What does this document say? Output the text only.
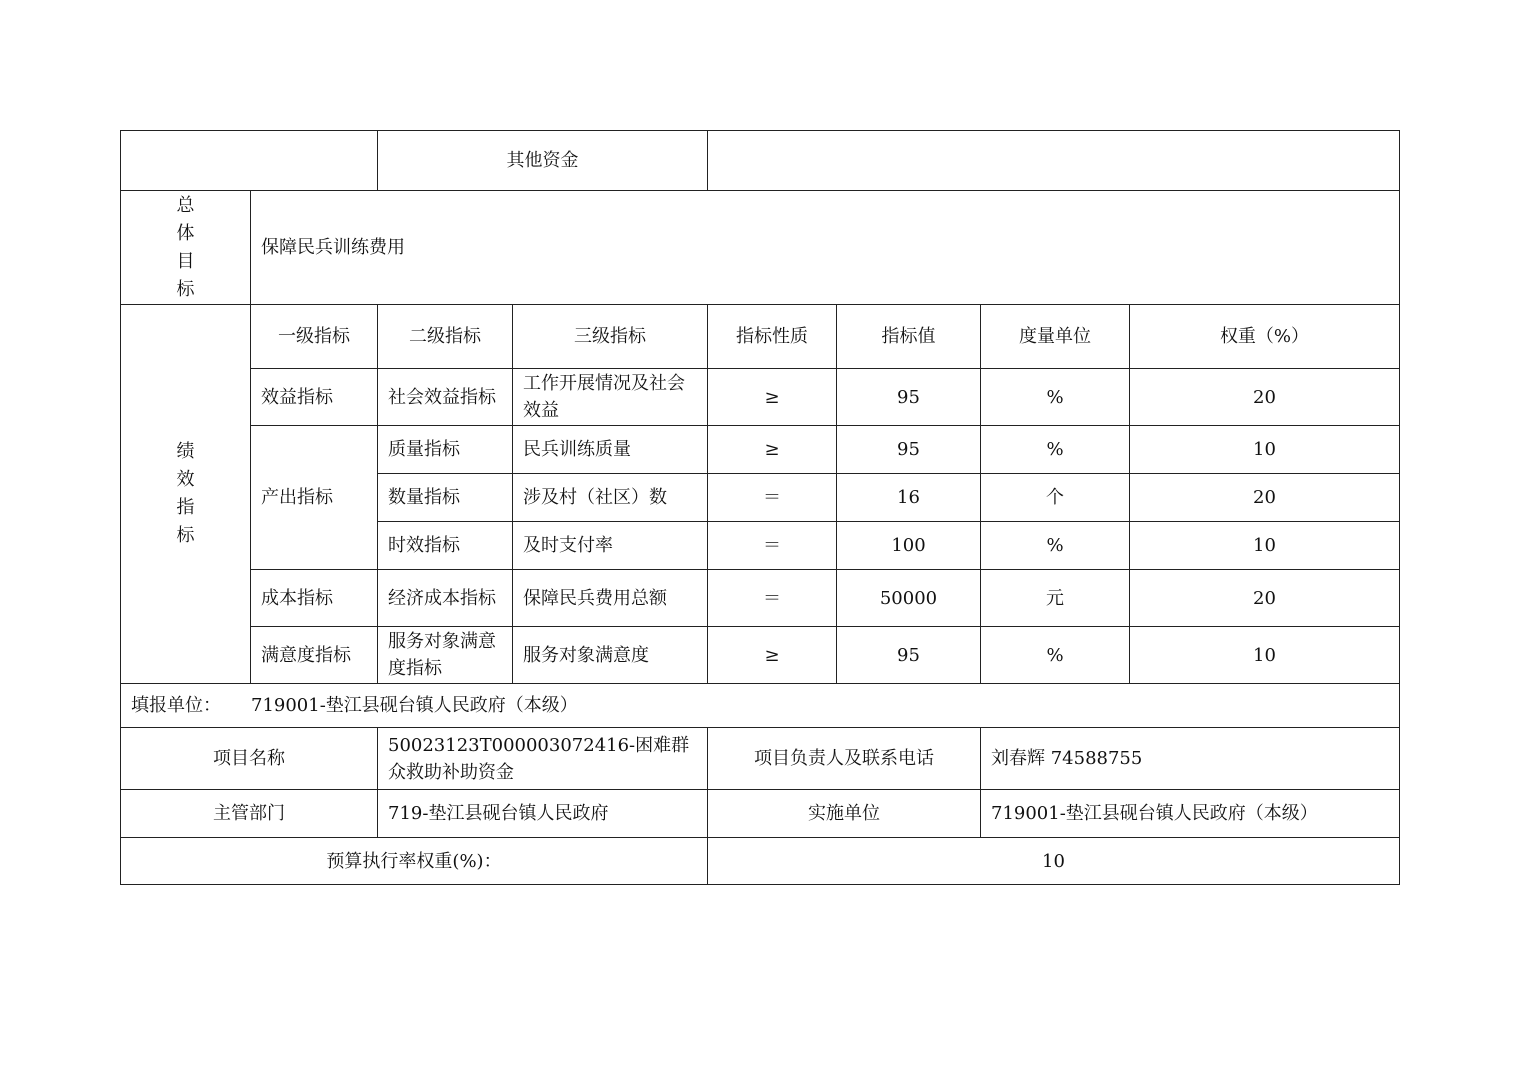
		其他资金					

总体目标	保障民兵训练费用						

绩效指标	一级指标	二级指标	三级指标	指标性质	指标值	度量单位	权重（%）
	效益指标	社会效益指标	工作开展情况及社会效益	≥	95	%	20
	产出指标	质量指标	民兵训练质量	≥	95	%	10
		数量指标	涉及村（社区）数	＝	16	个	20
		时效指标	及时支付率	＝	100	%	10
	成本指标	经济成本指标	保障民兵费用总额	＝	50000	元	20
	满意度指标	服务对象满意度指标	服务对象满意度	≥	95	%	10
填报单位： 719001-垫江县砚台镇人民政府（本级）							
项目名称		50023123T000003072416-困难群众救助补助资金		项目负责人及联系电话		刘春辉 74588755	
主管部门		719-垫江县砚台镇人民政府		实施单位		719001-垫江县砚台镇人民政府（本级）	
预算执行率权重(%)：				10			
